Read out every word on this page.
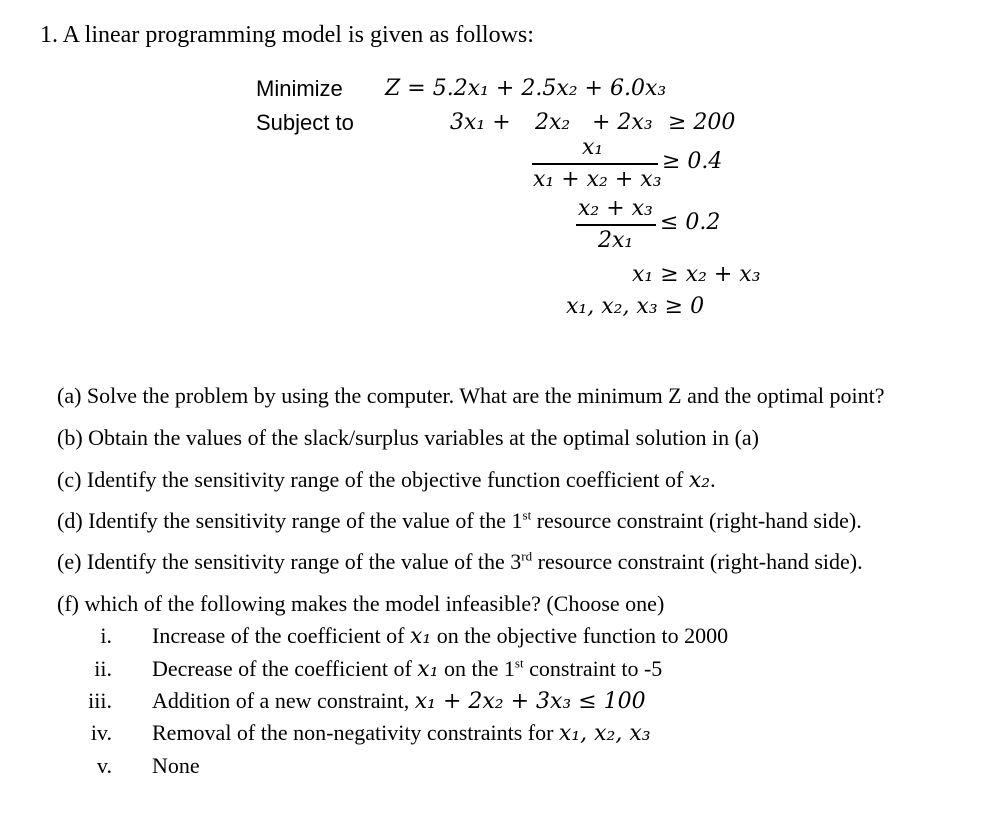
1. A linear programming model is given as follows:
Minimize
Subject to
Z = 5.2x₁ + 2.5x₂ + 6.0x₃
3x₁ + 2x₂ + 2x₃ ≥ 200
x₁
x₁ + x₂ + x₃
≥ 0.4
x₂ + x₃
2x₁
≤ 0.2
x₁ ≥ x₂ + x₃
x₁, x₂, x₃ ≥ 0
(a) Solve the problem by using the computer. What are the minimum Z and the optimal point?
(b) Obtain the values of the slack/surplus variables at the optimal solution in (a)
(c) Identify the sensitivity range of the objective function coefficient of x₂.
(d) Identify the sensitivity range of the value of the 1st resource constraint (right-hand side).
(e) Identify the sensitivity range of the value of the 3rd resource constraint (right-hand side).
(f) which of the following makes the model infeasible? (Choose one)
i. Increase of the coefficient of x₁ on the objective function to 2000
ii. Decrease of the coefficient of x₁ on the 1st constraint to -5
iii. Addition of a new constraint, x₁ + 2x₂ + 3x₃ ≤ 100
iv. Removal of the non-negativity constraints for x₁, x₂, x₃
v. None
